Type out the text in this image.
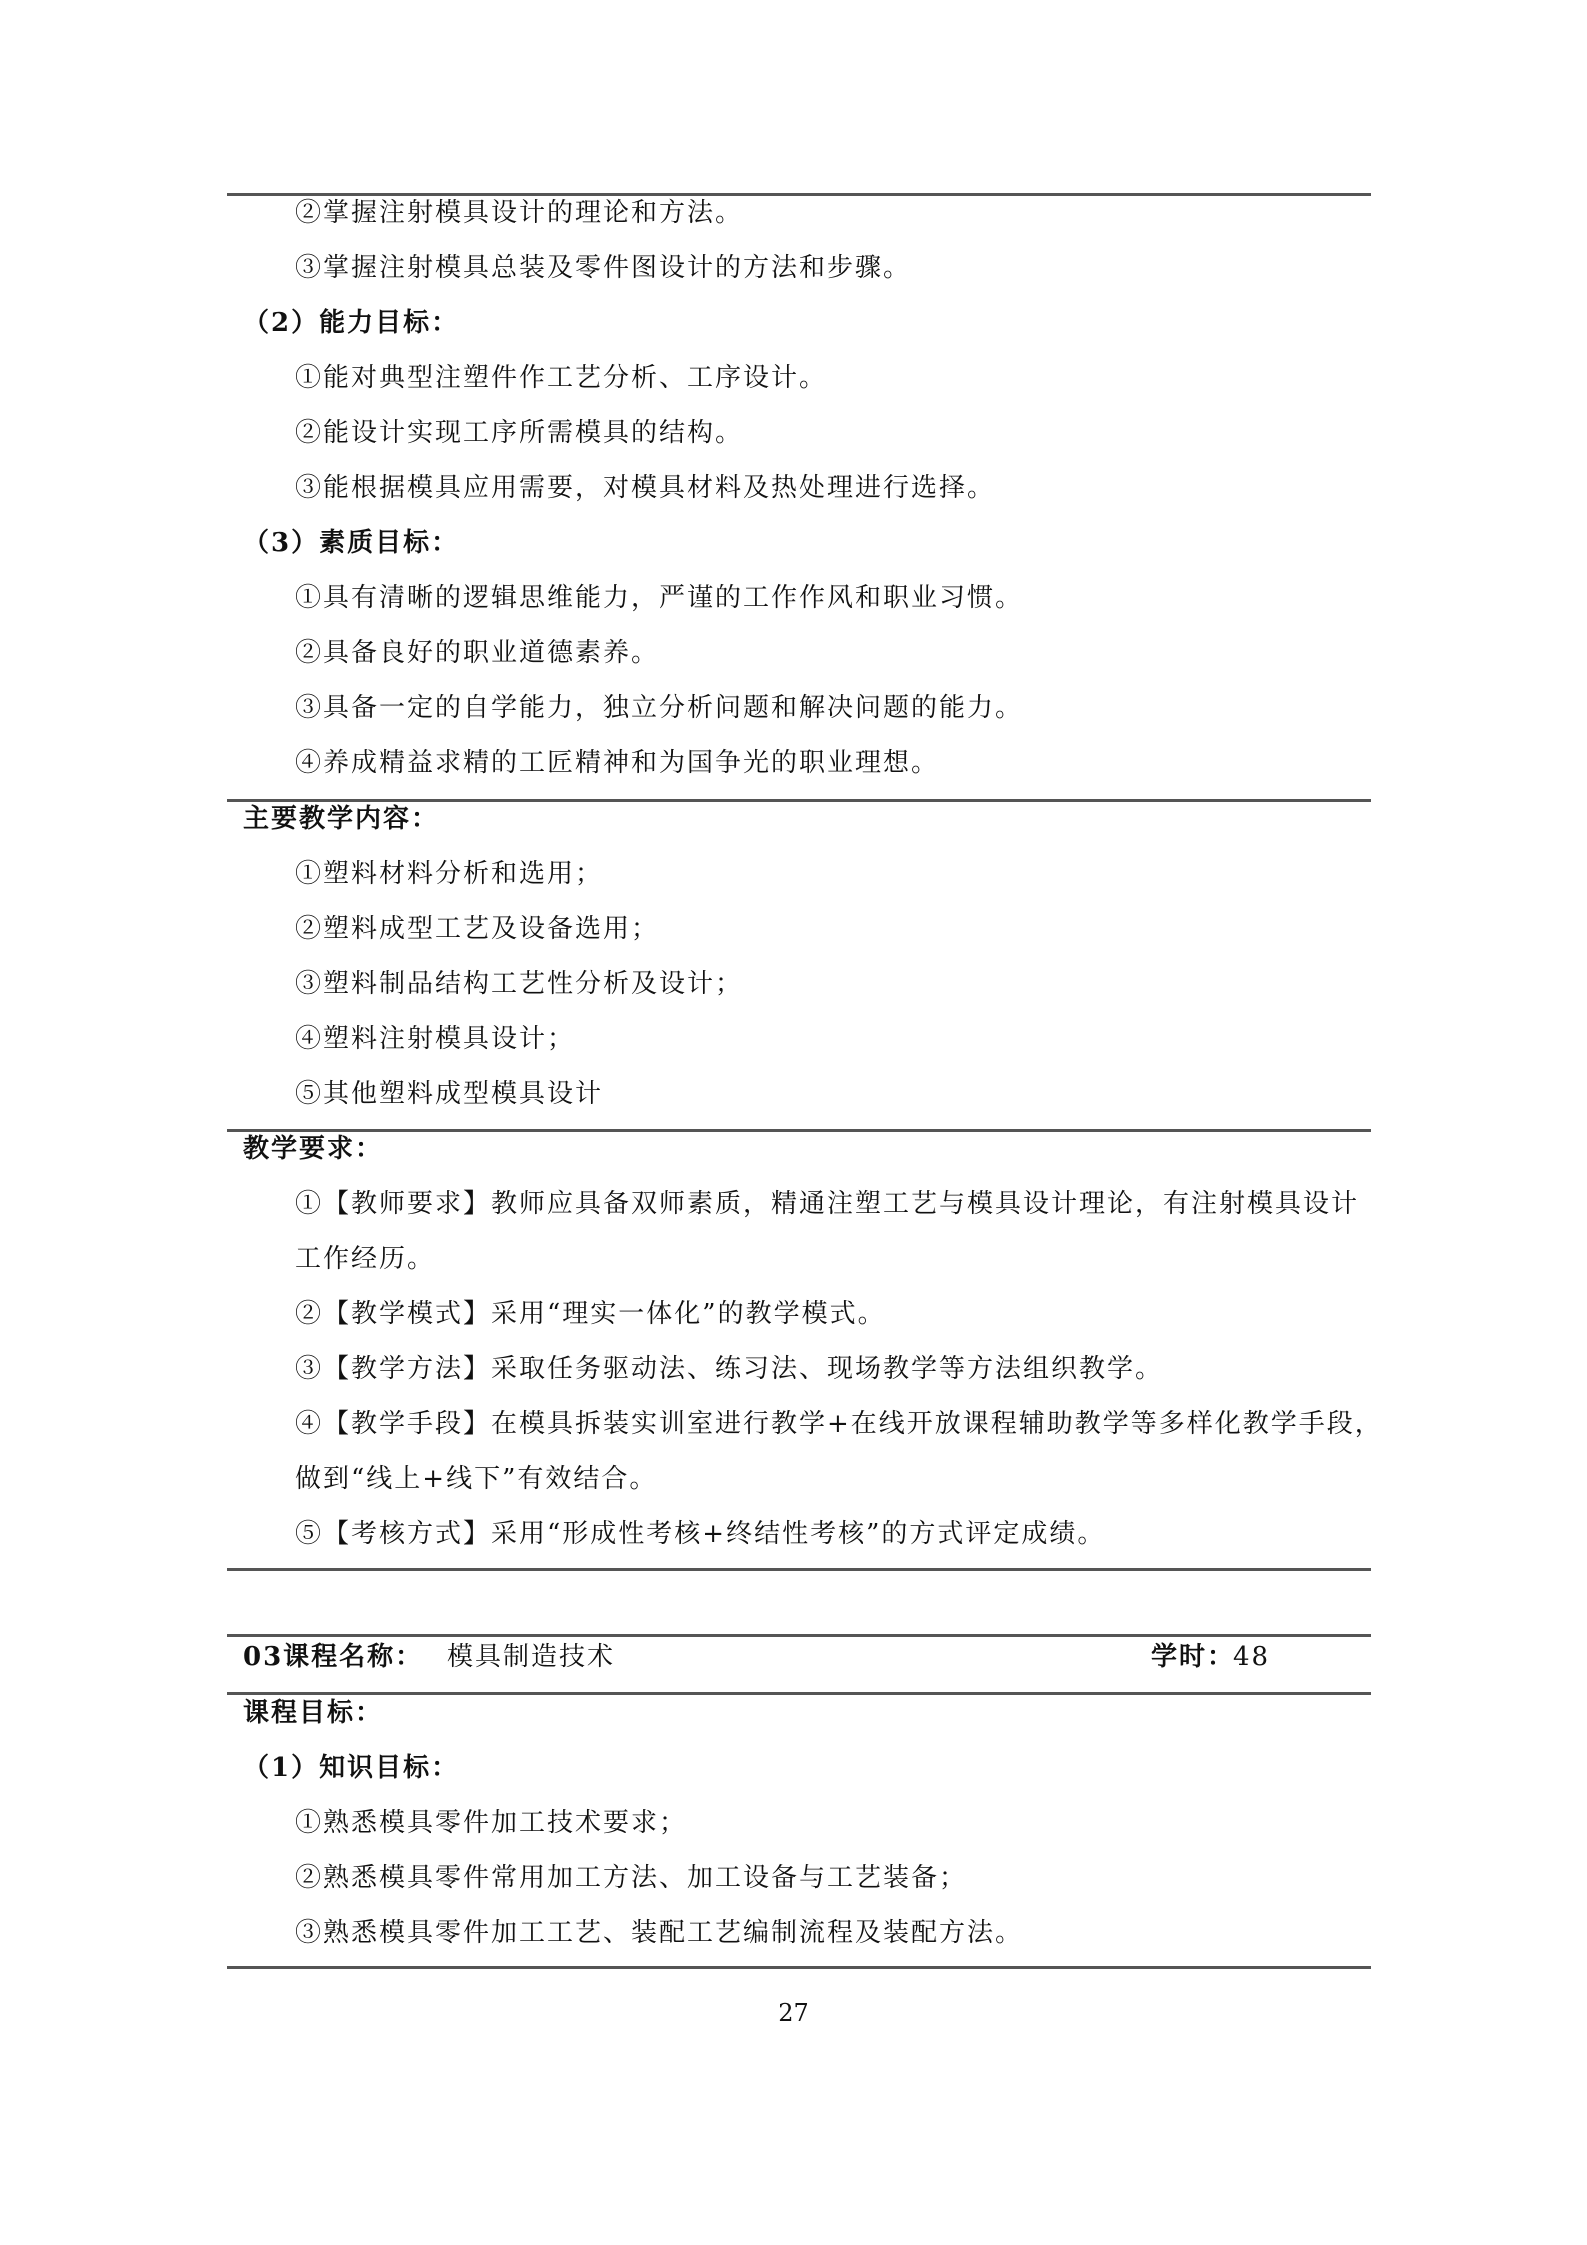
②掌握注射模具设计的理论和方法。
③掌握注射模具总装及零件图设计的方法和步骤。
（2）能力目标：
①能对典型注塑件作工艺分析、工序设计。
②能设计实现工序所需模具的结构。
③能根据模具应用需要，对模具材料及热处理进行选择。
（3）素质目标：
①具有清晰的逻辑思维能力，严谨的工作作风和职业习惯。
②具备良好的职业道德素养。
③具备一定的自学能力，独立分析问题和解决问题的能力。
④养成精益求精的工匠精神和为国争光的职业理想。
主要教学内容：
①塑料材料分析和选用；
②塑料成型工艺及设备选用；
③塑料制品结构工艺性分析及设计；
④塑料注射模具设计；
⑤其他塑料成型模具设计
教学要求：
①【教师要求】教师应具备双师素质，精通注塑工艺与模具设计理论，有注射模具设计
工作经历。
②【教学模式】采用“理实一体化”的教学模式。
③【教学方法】采取任务驱动法、练习法、现场教学等方法组织教学。
④【教学手段】在模具拆装实训室进行教学+在线开放课程辅助教学等多样化教学手段，
做到“线上+线下”有效结合。
⑤【考核方式】采用“形成性考核+终结性考核”的方式评定成绩。
03课程名称： 模具制造技术	学时：
48
课程目标：
（1）知识目标：
①熟悉模具零件加工技术要求；
②熟悉模具零件常用加工方法、加工设备与工艺装备；
③熟悉模具零件加工工艺、装配工艺编制流程及装配方法。
27
